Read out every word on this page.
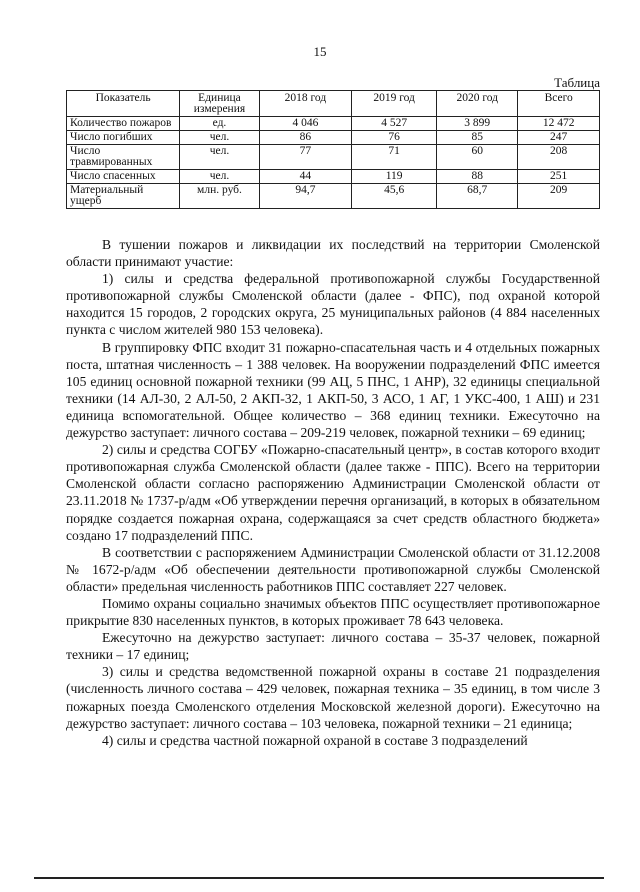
15
Таблица
Показатель	Единица измерения	2018 год	2019 год	2020 год	Всего
Количество пожаров	ед.	4 046	4 527	3 899	12 472
Число погибших	чел.	86	76	85	247
Число травмированных	чел.	77	71	60	208
Число спасенных	чел.	44	119	88	251
Материальный ущерб	млн. руб.	94,7	45,6	68,7	209

В тушении пожаров и ликвидации их последствий на территории Смоленской области принимают участие:

1) силы и средства федеральной противопожарной службы Государственной противопожарной службы Смоленской области (далее - ФПС), под охраной которой находится 15 городов, 2 городских округа, 25 муниципальных районов (4 884 населенных пункта с числом жителей 980 153 человека).

В группировку ФПС входит 31 пожарно-спасательная часть и 4 отдельных пожарных поста, штатная численность – 1 388 человек. На вооружении подразделений ФПС имеется 105 единиц основной пожарной техники (99 АЦ, 5 ПНС, 1 АНР), 32 единицы специальной техники (14 АЛ-30, 2 АЛ-50, 2 АКП-32, 1 АКП-50, 3 АСО, 1 АГ, 1 УКС-400, 1 АШ) и 231 единица вспомогательной. Общее количество – 368 единиц техники. Ежесуточно на дежурство заступает: личного состава – 209-219 человек, пожарной техники – 69 единиц;

2) силы и средства СОГБУ «Пожарно-спасательный центр», в состав которого входит противопожарная служба Смоленской области (далее также - ППС). Всего на территории Смоленской области согласно распоряжению Администрации Смоленской области от 23.11.2018 № 1737-р/адм «Об утверждении перечня организаций, в которых в обязательном порядке создается пожарная охрана, содержащаяся за счет средств областного бюджета» создано 17 подразделений ППС.

В соответствии с распоряжением Администрации Смоленской области от 31.12.2008 № 1672-р/адм «Об обеспечении деятельности противопожарной службы Смоленской области» предельная численность работников ППС составляет 227 человек.

Помимо охраны социально значимых объектов ППС осуществляет противопожарное прикрытие 830 населенных пунктов, в которых проживает 78 643 человека.

Ежесуточно на дежурство заступает: личного состава – 35-37 человек, пожарной техники – 17 единиц;

3) силы и средства ведомственной пожарной охраны в составе 21 подразделения (численность личного состава – 429 человек, пожарная техника – 35 единиц, в том числе 3 пожарных поезда Смоленского отделения Московской железной дороги). Ежесуточно на дежурство заступает: личного состава – 103 человека, пожарной техники – 21 единица;

4) силы и средства частной пожарной охраной в составе 3 подразделений
